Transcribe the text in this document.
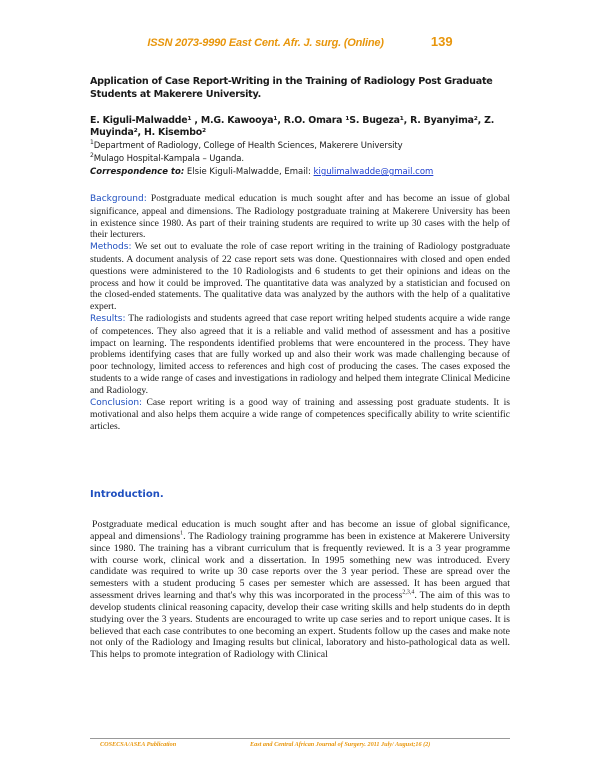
ISSN 2073-9990 East Cent. Afr. J. surg. (Online)	139

Application of Case Report-Writing in the Training of Radiology Post Graduate Students at Makerere University.

E. Kiguli-Malwadde¹ , M.G. Kawooya¹, R.O. Omara ¹S. Bugeza¹, R. Byanyima², Z. Muyinda², H. Kisembo²

$^1$Department of Radiology, College of Health Sciences, Makerere University

$^2$Mulago Hospital-Kampala – Uganda.

Correspondence to: Elsie Kiguli-Malwadde, Email: kigulimalwadde@gmail.com

Background: Postgraduate medical education is much sought after and has become an issue of global significance, appeal and dimensions. The Radiology postgraduate training at Makerere University has been in existence since 1980. As part of their training students are required to write up 30 cases with the help of their lecturers.

Methods: We set out to evaluate the role of case report writing in the training of Radiology postgraduate students. A document analysis of 22 case report sets was done. Questionnaires with closed and open ended questions were administered to the 10 Radiologists and 6 students to get their opinions and ideas on the process and how it could be improved. The quantitative data was analyzed by a statistician and focused on the closed-ended statements. The qualitative data was analyzed by the authors with the help of a qualitative expert.

Results: The radiologists and students agreed that case report writing helped students acquire a wide range of competences. They also agreed that it is a reliable and valid method of assessment and has a positive impact on learning. The respondents identified problems that were encountered in the process. They have problems identifying cases that are fully worked up and also their work was made challenging because of poor technology, limited access to references and high cost of producing the cases. The cases exposed the students to a wide range of cases and investigations in radiology and helped them integrate Clinical Medicine and Radiology.

Conclusion: Case report writing is a good way of training and assessing post graduate students. It is motivational and also helps them acquire a wide range of competences specifically ability to write scientific articles.

Introduction.

Postgraduate medical education is much sought after and has become an issue of global significance, appeal and dimensions$^1$. The Radiology training programme has been in existence at Makerere University since 1980. The training has a vibrant curriculum that is frequently reviewed. It is a 3 year programme with course work, clinical work and a dissertation. In 1995 something new was introduced. Every candidate was required to write up 30 case reports over the 3 year period. These are spread over the semesters with a student producing 5 cases per semester which are assessed. It has been argued that assessment drives learning and that's why this was incorporated in the process$^{2,3,4}$. The aim of this was to develop students clinical reasoning capacity, develop their case writing skills and help students do in depth studying over the 3 years. Students are encouraged to write up case series and to report unique cases. It is believed that each case contributes to one becoming an expert. Students follow up the cases and make note not only of the Radiology and Imaging results but clinical, laboratory and histo-pathological data as well. This helps to promote integration of Radiology with Clinical

COSECSA/ASEA Publication	East and Central African Journal of Surgery. 2011 July/ August;16 (2)
